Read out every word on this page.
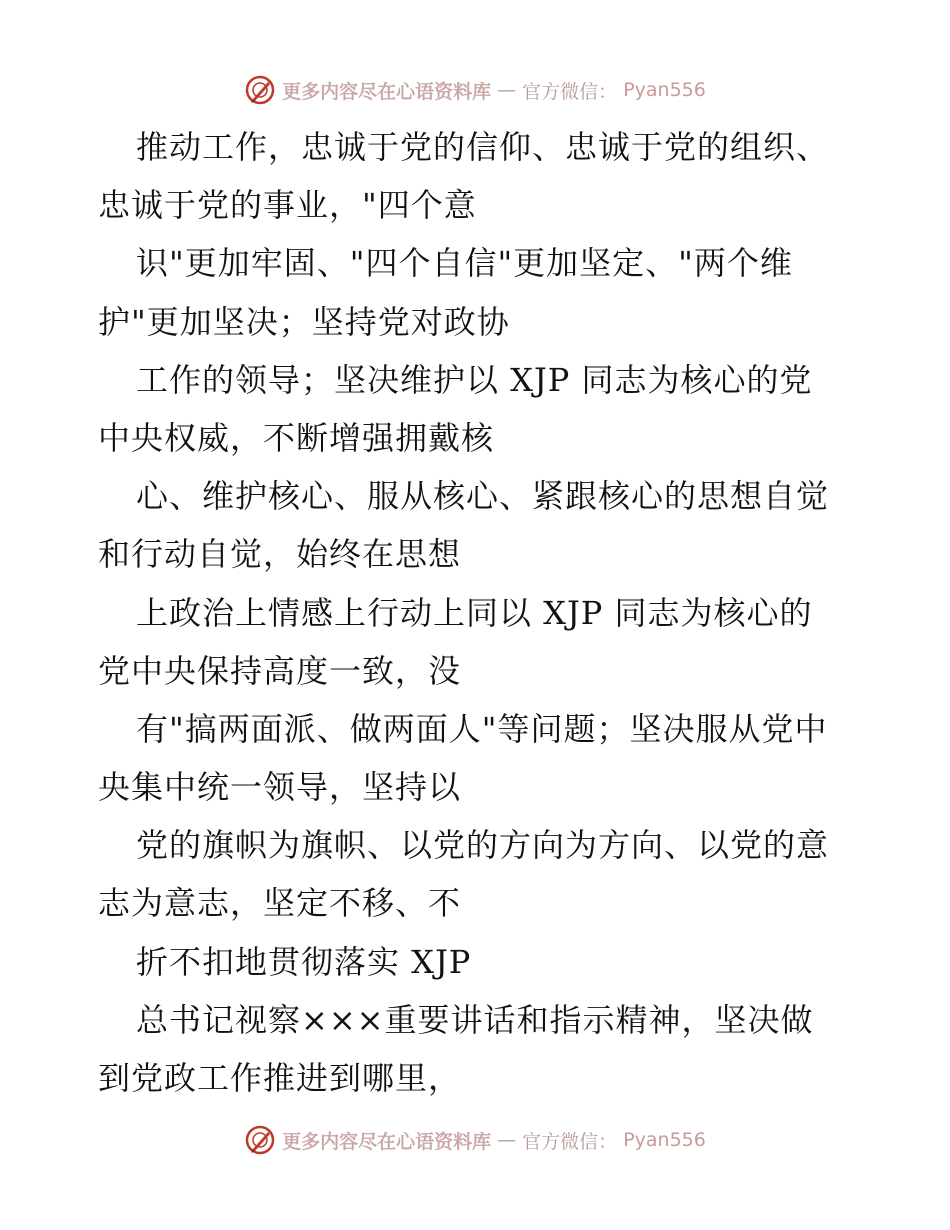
更多内容尽在心语资料库 — 官方微信： Pyan556
推动工作，忠诚于党的信仰、忠诚于党的组织、
忠诚于党的事业，"四个意
识"更加牢固、"四个自信"更加坚定、"两个维
护"更加坚决；坚持党对政协
工作的领导；坚决维护以 XJP 同志为核心的党
中央权威，不断增强拥戴核
心、维护核心、服从核心、紧跟核心的思想自觉
和行动自觉，始终在思想
上政治上情感上行动上同以 XJP 同志为核心的
党中央保持高度一致，没
有"搞两面派、做两面人"等问题；坚决服从党中
央集中统一领导，坚持以
党的旗帜为旗帜、以党的方向为方向、以党的意
志为意志，坚定不移、不
折不扣地贯彻落实 XJP
总书记视察×××重要讲话和指示精神，坚决做
到党政工作推进到哪里，
更多内容尽在心语资料库 — 官方微信： Pyan556
